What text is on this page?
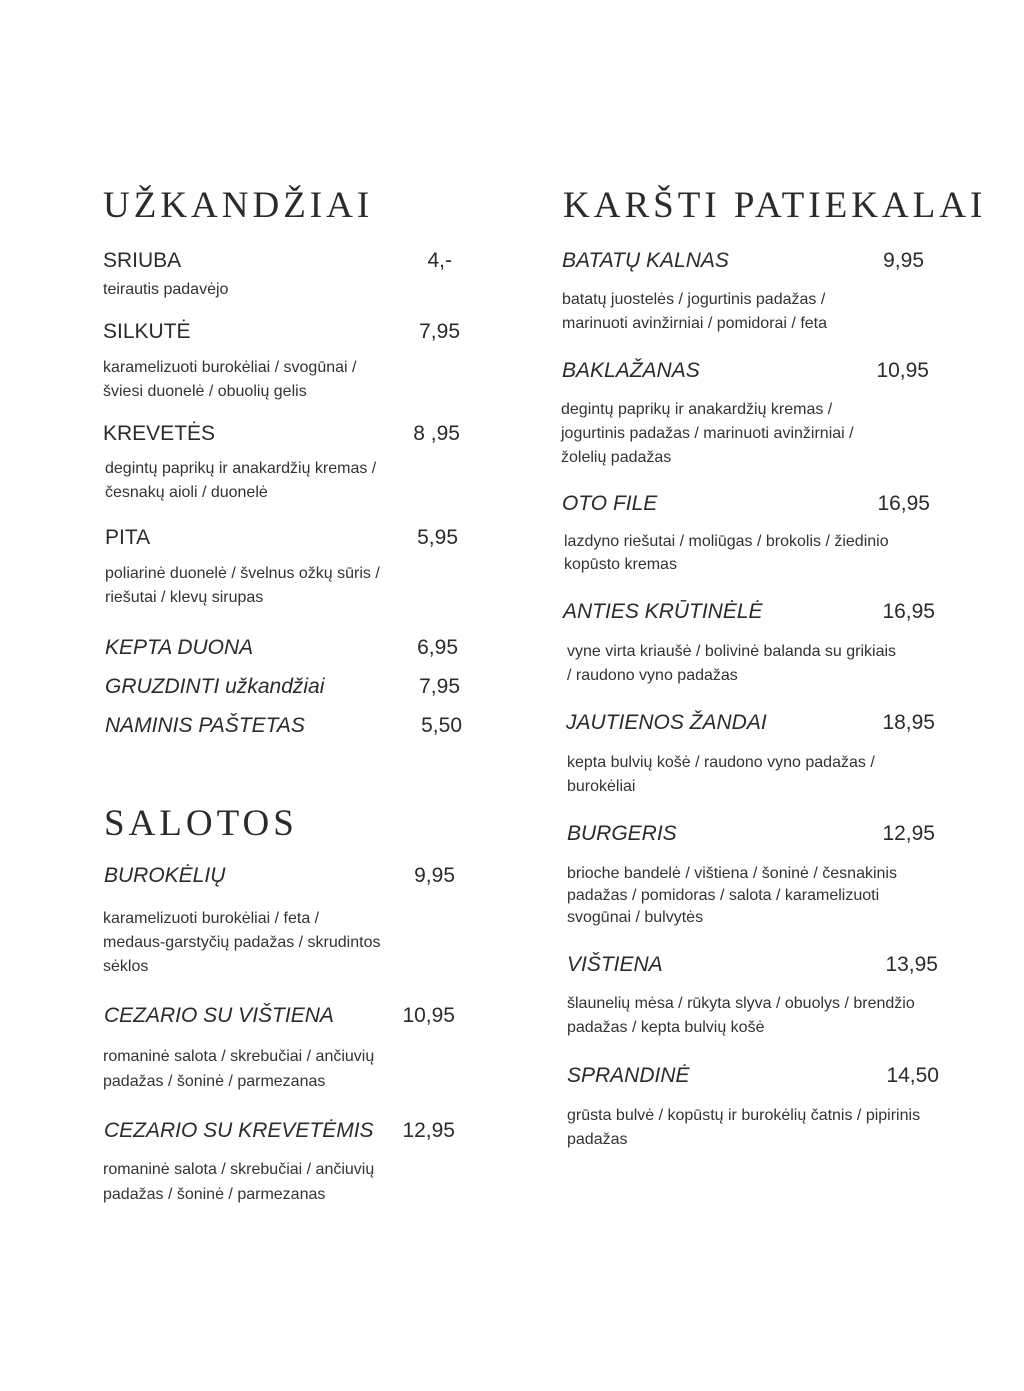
UŽKANDŽIAI
SRIUBA	4,-
teirautis padavėjo
SILKUTĖ	7,95
karamelizuoti burokėliai / svogūnai /
šviesi duonelė / obuolių gelis
KREVETĖS	8 ,95
degintų paprikų ir anakardžių kremas /
česnakų aioli / duonelė
PITA	5,95
poliarinė duonelė / švelnus ožkų sūris /
riešutai / klevų sirupas
KEPTA DUONA	6,95
GRUZDINTI užkandžiai	7,95
NAMINIS PAŠTETAS	5,50
SALOTOS
BUROKĖLIŲ	9,95
karamelizuoti burokėliai / feta /
medaus-garstyčių padažas / skrudintos
sėklos
CEZARIO SU VIŠTIENA	10,95
romaninė salota / skrebučiai / ančiuvių
padažas / šoninė / parmezanas
CEZARIO SU KREVETĖMIS	12,95
romaninė salota / skrebučiai / ančiuvių
padažas / šoninė / parmezanas
KARŠTI PATIEKALAI
BATATŲ KALNAS	9,95
batatų juostelės / jogurtinis padažas /
marinuoti avinžirniai / pomidorai / feta
BAKLAŽANAS	10,95
degintų paprikų ir anakardžių kremas /
jogurtinis padažas / marinuoti avinžirniai /
žolelių padažas
OTO FILE	16,95
lazdyno riešutai / moliūgas / brokolis / žiedinio
kopūsto kremas
ANTIES KRŪTINĖLĖ	16,95
vyne virta kriaušė / bolivinė balanda su grikiais
/ raudono vyno padažas
JAUTIENOS ŽANDAI	18,95
kepta bulvių košė / raudono vyno padažas /
burokėliai
BURGERIS	12,95
brioche bandelė / vištiena / šoninė / česnakinis
padažas / pomidoras / salota / karamelizuoti
svogūnai / bulvytės
VIŠTIENA	13,95
šlaunelių mėsa / rūkyta slyva / obuolys / brendžio
padažas / kepta bulvių košė
SPRANDINĖ	14,50
grūsta bulvė / kopūstų ir burokėlių čatnis / pipirinis
padažas
